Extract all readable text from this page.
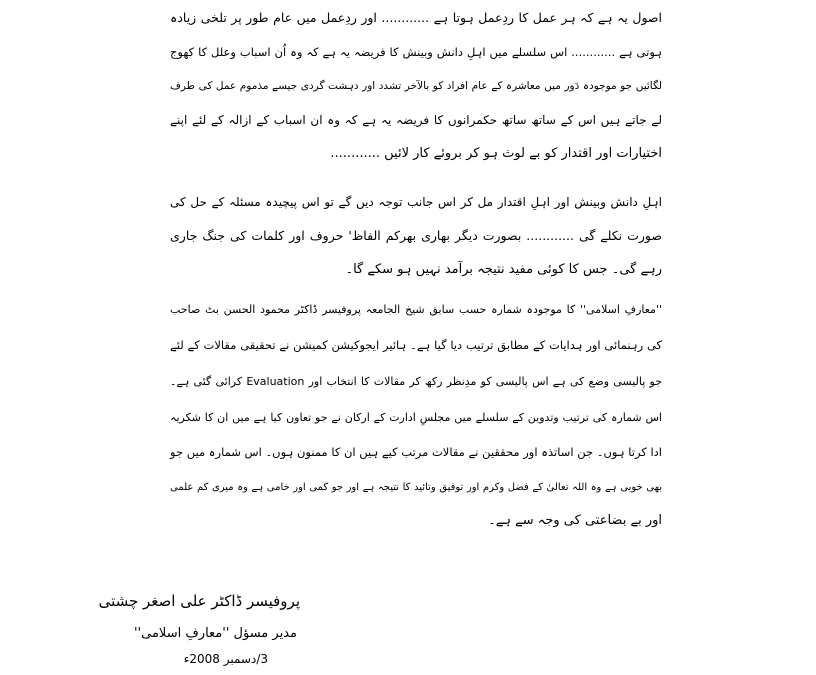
اصول یہ ہے کہ ہر عمل کا ردِعمل ہوتا ہے ............ اور ردِعمل میں عام طور پر تلخی زیادہ
ہوتی ہے ............ اس سلسلے میں اہلِ دانش وبینش کا فریضہ یہ ہے کہ وہ اُن اسباب وعلل کا کھوج
لگائیں جو موجودہ دَور میں معاشرہ کے عام افراد کو بالآخر تشدد اور دہشت گردی جیسے مذموم عمل کی طرف
لے جاتے ہیں اس کے ساتھ ساتھ حکمرانوں کا فریضہ یہ ہے کہ وہ ان اسباب کے ازالہ کے لئے اپنے
اختیارات اور اقتدار کو بے لوث ہو کر بروئے کار لائیں ............
اہلِ دانش وبینش اور اہلِ اقتدار مل کر اس جانب توجہ دیں گے تو اس پیچیدہ مسئلہ کے حل کی
صورت نکلے گی ............ بصورت دیگر بھاری بھرکم الفاظ' حروف اور کلمات کی جنگ جاری
رہے گی۔ جس کا کوئی مفید نتیجہ برآمد نہیں ہو سکے گا۔
''معارفِ اسلامی'' کا موجودہ شمارہ حسب سابق شیخ الجامعہ پروفیسر ڈاکٹر محمود الحسن بٹ صاحب
کی رہنمائی اور ہدایات کے مطابق ترتیب دیا گیا ہے۔ ہائیر ایجوکیشن کمیشن نے تحقیقی مقالات کے لئے
جو پالیسی وضع کی ہے اس پالیسی کو مدِنظر رکھ کر مقالات کا انتخاب اور Evaluation کرائی گئی ہے۔
اس شمارہ کی ترتیب وتدوین کے سلسلے میں مجلسِ ادارت کے ارکان نے جو تعاون کیا ہے میں ان کا شکریہ
ادا کرتا ہوں۔ جن اساتذہ اور محققین نے مقالات مرتب کیے ہیں ان کا ممنون ہوں۔ اس شمارہ میں جو
بھی خوبی ہے وہ اللہ تعالیٰ کے فضل وکرم اور توفیق وتائید کا نتیجہ ہے اور جو کمی اور خامی ہے وہ میری کم علمی
اور بے بضاعتی کی وجہ سے ہے۔
پروفیسر ڈاکٹر علی اصغر چشتی
مدیر مسؤل ''معارفِ اسلامی''
3/دسمبر 2008ء
